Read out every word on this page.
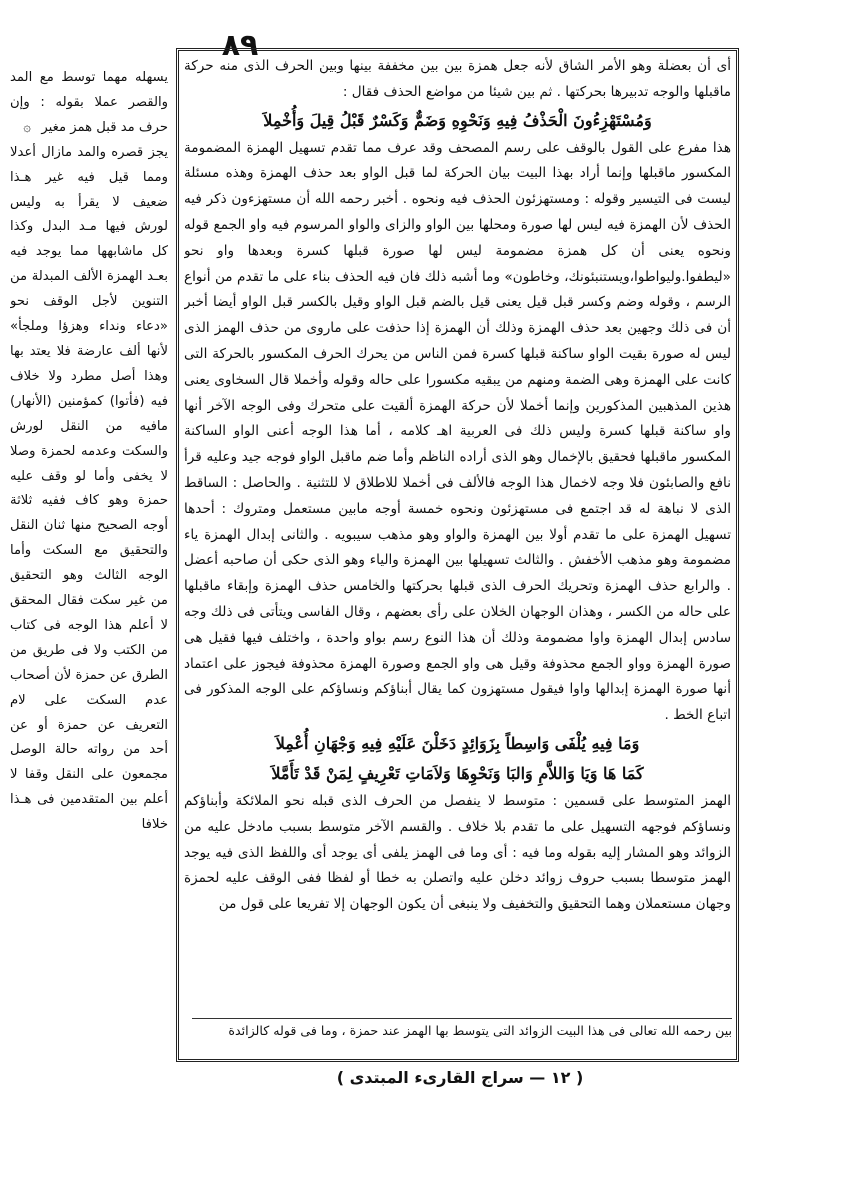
٨٩

أى أن بعضلة وهو الأمر الشاق لأنه جعل همزة بين بين مخففة بينها وبين الحرف الذى منه حركة ماقبلها والوجه تدبيرها بحركتها . ثم بين شيئا من مواضع الحذف فقال :

وَمُسْتَهْزِءُونَ الْحَذْفُ فِيهِ وَنَحْوِهِ وَضَمٌّ وَكَسْرٌ قَبْلُ قِيلَ وَأُخْمِلاَ

هذا مفرع على القول بالوقف على رسم المصحف وقد عرف مما تقدم تسهيل الهمزة المضمومة المكسور ماقبلها وإنما أراد بهذا البيت بيان الحركة لما قبل الواو بعد حذف الهمزة وهذه مسئلة ليست فى التيسير وقوله : ومستهزئون الحذف فيه ونحوه . أخبر رحمه الله أن مستهزءون ذكر فيه الحذف لأن الهمزة فيه ليس لها صورة ومحلها بين الواو والزاى والواو المرسوم فيه واو الجمع قوله ونحوه يعنى أن كل همزة مضمومة ليس لها صورة قبلها كسرة وبعدها واو نحو «ليطفوا.وليواطوا،ويستنبئونك، وخاطون» وما أشبه ذلك فان فيه الحذف بناء على ما تقدم من أنواع الرسم ، وقوله وضم وكسر قبل قيل يعنى قيل بالضم قبل الواو وقيل بالكسر قبل الواو أيضا أخبر أن فى ذلك وجهين بعد حذف الهمزة وذلك أن الهمزة إذا حذفت على ماروى من حذف الهمز الذى ليس له صورة بقيت الواو ساكنة قبلها كسرة فمن الناس من يحرك الحرف المكسور بالحركة التى كانت على الهمزة وهى الضمة ومنهم من يبقيه مكسورا على حاله وقوله وأخملا قال السخاوى يعنى هذين المذهبين المذكورين وإنما أخملا لأن حركة الهمزة ألقيت على متحرك وفى الوجه الآخر أنها واو ساكنة قبلها كسرة وليس ذلك فى العربية اهـ كلامه ، أما هذا الوجه أعنى الواو الساكنة المكسور ماقبلها فحقيق بالإخمال وهو الذى أراده الناظم وأما ضم ماقبل الواو فوجه جيد وعليه قرأ نافع والصابئون فلا وجه لاخمال هذا الوجه فالألف فى أخملا للاطلاق لا للتثنية . والحاصل : الساقط الذى لا نباهة له قد اجتمع فى مستهزئون ونحوه خمسة أوجه مابين مستعمل ومتروك : أحدها تسهيل الهمزة على ما تقدم أولا بين الهمزة والواو وهو مذهب سيبويه . والثانى إبدال الهمزة ياء مضمومة وهو مذهب الأخفش . والثالث تسهيلها بين الهمزة والياء وهو الذى حكى أن صاحبه أعضل . والرابع حذف الهمزة وتحريك الحرف الذى قبلها بحركتها والخامس حذف الهمزة وإبقاء ماقبلها على حاله من الكسر ، وهذان الوجهان الخلان على رأى بعضهم ، وقال الفاسى ويتأتى فى ذلك وجه سادس إبدال الهمزة واوا مضمومة وذلك أن هذا النوع رسم بواو واحدة ، واختلف فيها فقيل هى صورة الهمزة وواو الجمع محذوفة وقيل هى واو الجمع وصورة الهمزة محذوفة فيجوز على اعتماد أنها صورة الهمزة إبدالها واوا فيقول مستهزون كما يقال أبناؤكم ونساؤكم على الوجه المذكور فى اتباع الخط .

وَمَا فِيهِ يُلْفَى وَاسِطاً بِزَوَائِدٍ دَخَلْنَ عَلَيْهِ فِيهِ وَجْهَانِ أُعْمِلاَ
كَمَا هَا وَيَا وَاللاَّمِ وَالبَا وَنَحْوِهَا وَلاَمَاتِ تَعْرِيفٍ لِمَنْ قَدْ تَأَمَّلاَ

الهمز المتوسط على قسمين : متوسط لا ينفصل من الحرف الذى قبله نحو الملائكة وأبناؤكم ونساؤكم فوجهه التسهيل على ما تقدم بلا خلاف . والقسم الآخر متوسط بسبب مادخل عليه من الزوائد وهو المشار إليه بقوله وما فيه : أى وما فى الهمز يلفى أى يوجد أى واللفظ الذى فيه يوجد الهمز متوسطا بسبب حروف زوائد دخلن عليه واتصلن به خطا أو لفظا ففى الوقف عليه لحمزة وجهان مستعملان وهما التحقيق والتخفيف ولا ينبغى أن يكون الوجهان إلا تفريعا على قول من

بين رحمه الله تعالى فى هذا البيت الزوائد التى يتوسط بها الهمز عند حمزة ، وما فى قوله كالزائدة

يسهله مهما توسط مع المد والقصر عملا بقوله : وإن حرف مد قبل همز مغير ۞

يجز قصره والمد مازال أعدلا ومما قيل فيه غير هـذا ضعيف لا يقرأ به وليس لورش فيها مـد البدل وكذا كل ماشابهها مما يوجد فيه بعـد الهمزة الألف المبدلة من التنوين لأجل الوقف نحو «دعاء ونداء وهزؤا وملجأ» لأنها ألف عارضة فلا يعتد بها وهذا أصل مطرد ولا خلاف فيه (فأتوا) كمؤمنين (الأنهار) مافيه من النقل لورش والسكت وعدمه لحمزة وصلا لا يخفى وأما لو وقف عليه حمزة وهو كاف ففيه ثلاثة أوجه الصحيح منها ثنان النقل والتحقيق مع السكت وأما الوجه الثالث وهو التحقيق من غير سكت فقال المحقق لا أعلم هذا الوجه فى كتاب من الكتب ولا فى طريق من الطرق عن حمزة لأن أصحاب عدم السكت على لام التعريف عن حمزة أو عن أحد من رواته حالة الوصل مجمعون على النقل وقفا لا أعلم بين المتقدمين فى هـذا خلافا

( ١٢ — سراج القارىء المبتدى )
